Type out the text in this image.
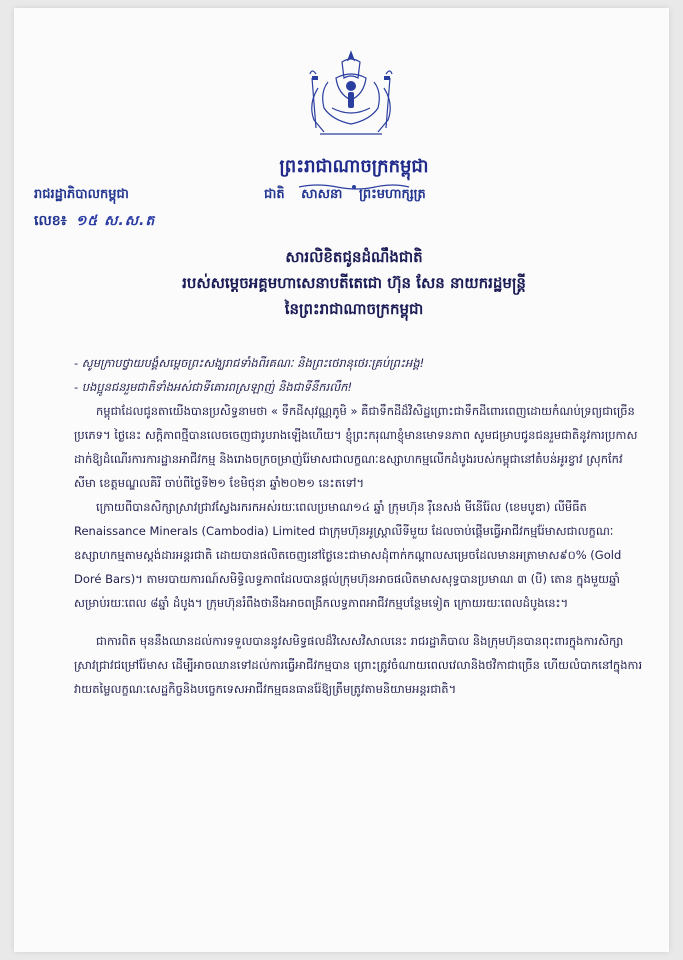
ព្រះរាជាណាចក្រកម្ពុជា
រាជរដ្ឋាភិបាលកម្ពុជា	ជាតិ សាសនា ព្រះមហាក្សត្រ
លេខ៖ ១៥ ស.ស.ត
សារលិខិតជូនដំណឹងជាតិ
របស់សម្តេចអគ្គមហាសេនាបតីតេជោ ហ៊ុន សែន នាយករដ្ឋមន្ត្រី
នៃព្រះរាជាណាចក្រកម្ពុជា
- សូមក្រាបថ្វាយបង្គំសម្តេចព្រះសង្ឃរាជទាំងពីរគណៈ និងព្រះថេរានុថេរៈគ្រប់ព្រះអង្គ!
- បងប្អូនជនរួមជាតិទាំងអស់ជាទីគោរពស្រឡាញ់ និងជាទីនឹករលឹក!

កម្ពុជាដែលជូនតាយើងបានប្រសិទ្ធនាមថា « ទឹកដីសុវណ្ណភូមិ » គឺជាទឹកដីដ៏វិសិដ្ឋព្រោះជាទឹកដីពោរពេញដោយកំណប់ទ្រព្យជាច្រើនប្រភេទ។ ថ្ងៃនេះ សក្តិភាពថ្មីបានលេចចេញជារូបរាងឡើងហើយ។ ខ្ញុំព្រះករុណាខ្ញុំមានមោទនភាព សូមជម្រាបជូនជនរួមជាតិនូវការប្រកាសដាក់ឱ្យដំណើរការការដ្ឋានអាជីវកម្ម និងរោងចក្រចម្រាញ់រ៉ែមាសជាលក្ខណៈឧស្សាហកម្មលើកដំបូងរបស់កម្ពុជានៅតំបន់អូរខ្វាវ ស្រុកកែវសីមា ខេត្តមណ្ឌលគិរី ចាប់ពីថ្ងៃទី២១ ខែមិថុនា ឆ្នាំ២០២១ នេះតទៅ។

ក្រោយពីបានសិក្សាស្រាវជ្រាវស្វែងរករកអស់រយៈពេលប្រមាណ១៤ ឆ្នាំ ក្រុមហ៊ុន រ៉ឺនេសង់ មីនើរ៉ែល (ខេមបូឌា) លីមីធីត Renaissance Minerals (Cambodia) Limited ជាក្រុមហ៊ុនអូស្ត្រាលីទីមួយ ដែលចាប់ផ្តើមធ្វើអាជីវកម្មរ៉ែមាសជាលក្ខណៈឧស្សាហកម្មតាមស្តង់ដារអន្តរជាតិ ដោយបានផលិតចេញនៅថ្ងៃនេះជាមាសដុំពាក់កណ្តាលសម្រេចដែលមានអត្រាមាស៩០% (Gold Doré Bars)។ តាមរបាយការណ៍សមិទ្ធិលទ្ធភាពដែលបានផ្តល់ក្រុមហ៊ុនអាចផលិតមាសសុទ្ធបានប្រមាណ ៣ (បី) តោន ក្នុងមួយឆ្នាំ សម្រាប់រយៈពេល ៨ឆ្នាំ ដំបូង។ ក្រុមហ៊ុនរំពឹងថានឹងអាចពង្រីកលទ្ធភាពអាជីវកម្មបន្ថែមទៀត ក្រោយរយៈពេលដំបូងនេះ។

ជាការពិត មុននឹងឈានដល់ការទទួលបាននូវសមិទ្ធផលដ៏វិសេសវិសាលនេះ រាជរដ្ឋាភិបាល និងក្រុមហ៊ុនបានពុះពារក្នុងការសិក្សាស្រាវជ្រាវជម្រៅរ៉ែមាស ដើម្បីអាចឈានទៅដល់ការធ្វើអាជីវកម្មបាន ព្រោះត្រូវចំណាយពេលវេលានិងថវិកាជាច្រើន ហើយលំបាកនៅក្នុងការវាយតម្លៃលក្ខណៈសេដ្ឋកិច្ចនិងបច្ចេកទេសអាជីវកម្មធនធានរ៉ែឱ្យត្រឹមត្រូវតាមនិយាមអន្តរជាតិ។
